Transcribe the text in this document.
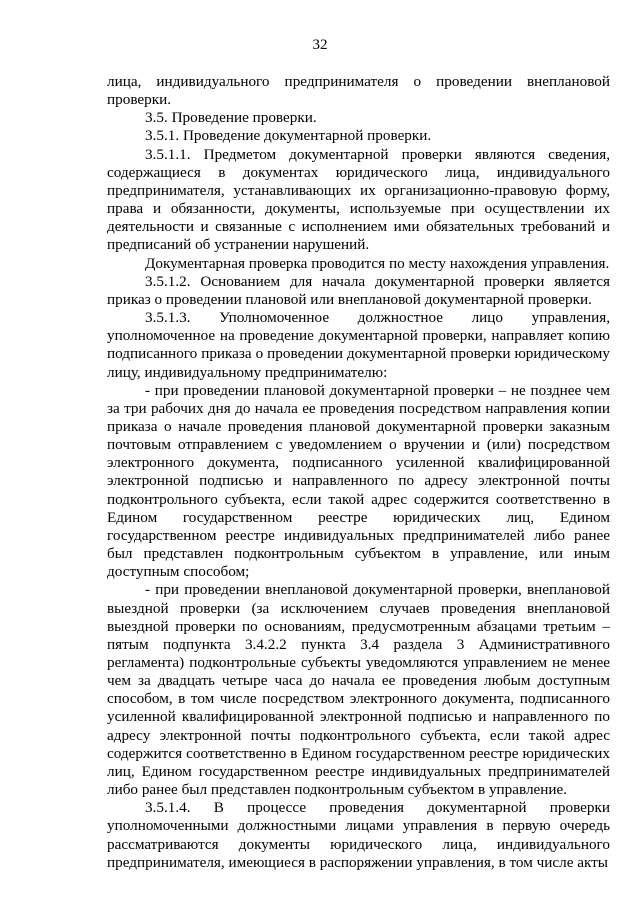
32

лица, индивидуального предпринимателя о проведении внеплановой проверки.

3.5. Проведение проверки.

3.5.1. Проведение документарной проверки.

3.5.1.1. Предметом документарной проверки являются сведения, содержащиеся в документах юридического лица, индивидуального предпринимателя, устанавливающих их организационно-правовую форму, права и обязанности, документы, используемые при осуществлении их деятельности и связанные с исполнением ими обязательных требований и предписаний об устранении нарушений.

Документарная проверка проводится по месту нахождения управления.

3.5.1.2. Основанием для начала документарной проверки является приказ о проведении плановой или внеплановой документарной проверки.

3.5.1.3. Уполномоченное должностное лицо управления, уполномоченное на проведение документарной проверки, направляет копию подписанного приказа о проведении документарной проверки юридическому лицу, индивидуальному предпринимателю:

- при проведении плановой документарной проверки – не позднее чем за три рабочих дня до начала ее проведения посредством направления копии приказа о начале проведения плановой документарной проверки заказным почтовым отправлением с уведомлением о вручении и (или) посредством электронного документа, подписанного усиленной квалифицированной электронной подписью и направленного по адресу электронной почты подконтрольного субъекта, если такой адрес содержится соответственно в Едином государственном реестре юридических лиц, Едином государственном реестре индивидуальных предпринимателей либо ранее был представлен подконтрольным субъектом в управление, или иным доступным способом;

- при проведении внеплановой документарной проверки, внеплановой выездной проверки (за исключением случаев проведения внеплановой выездной проверки по основаниям, предусмотренным абзацами третьим – пятым подпункта 3.4.2.2 пункта 3.4 раздела 3 Административного регламента) подконтрольные субъекты уведомляются управлением не менее чем за двадцать четыре часа до начала ее проведения любым доступным способом, в том числе посредством электронного документа, подписанного усиленной квалифицированной электронной подписью и направленного по адресу электронной почты подконтрольного субъекта, если такой адрес содержится соответственно в Едином государственном реестре юридических лиц, Едином государственном реестре индивидуальных предпринимателей либо ранее был представлен подконтрольным субъектом в управление.

3.5.1.4. В процессе проведения документарной проверки уполномоченными должностными лицами управления в первую очередь рассматриваются документы юридического лица, индивидуального предпринимателя, имеющиеся в распоряжении управления, в том числе акты
